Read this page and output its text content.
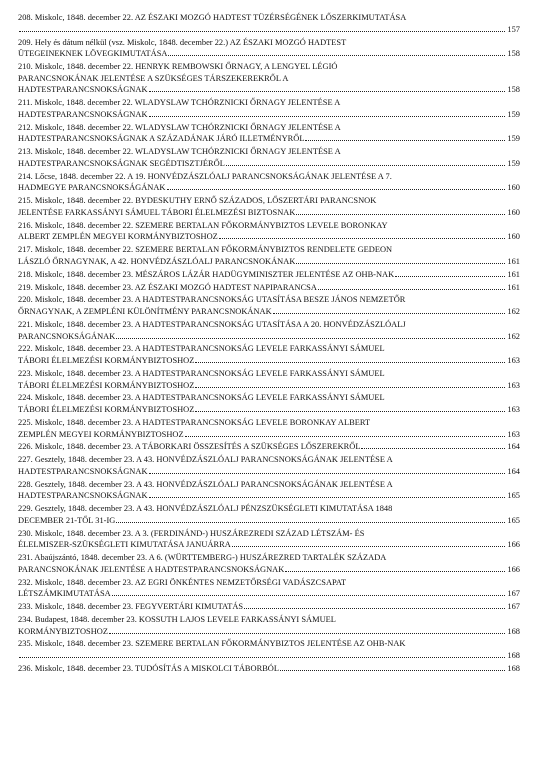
208. Miskolc, 1848. december 22. AZ ÉSZAKI MOZGÓ HADTEST TÜZÉRSÉGÉNEK LŐSZERKIMUTATÁSA
157
209. Hely és dátum nélkül (vsz. Miskolc, 1848. december 22.) AZ ÉSZAKI MOZGÓ HADTEST
ÜTEGEINEKNEK LÖVEGKIMUTATÁSA	158
210. Miskolc, 1848. december 22. HENRYK REMBOWSKI ŐRNAGY, A LENGYEL LÉGIÓ
PARANCSNOKÁNAK JELENTÉSE A SZÜKSÉGES TÁRSZEKEREKRŐL A
HADTESTPARANCSNOKSÁGNAK	158
211. Miskolc, 1848. december 22. WLADYSLAW TCHÓRZNICKI ŐRNAGY JELENTÉSE A
HADTESTPARANCSNOKSÁGNAK	159
212. Miskolc, 1848. december 22. WLADYSLAW TCHÓRZNICKI ŐRNAGY JELENTÉSE A
HADTESTPARANCSNOKSÁGNAK A SZÁZADÁNAK JÁRÓ ILLETMÉNYRŐL	159
213. Miskolc, 1848. december 22. WLADYSLAW TCHÓRZNICKI ŐRNAGY JELENTÉSE A
HADTESTPARANCSNOKSÁGNAK SEGÉDTISZTJÉRŐL	159
214. Lőcse, 1848. december 22. A 19. HONVÉDZÁSZLÓALJ PARANCSNOKSÁGÁNAK JELENTÉSE A 7.
HADMEGYE PARANCSNOKSÁGÁNAK	160
215. Miskolc, 1848. december 22. BYDESKUTHY ERNŐ SZÁZADOS, LŐSZERTÁRI PARANCSNOK
JELENTÉSE FARKASSÁNYI SÁMUEL TÁBORI ÉLELMEZÉSI BIZTOSNAK	160
216. Miskolc, 1848. december 22. SZEMERE BERTALAN FŐKORMÁNYBIZTOS LEVELE BORONKAY
ALBERT ZEMPLÉN MEGYEI KORMÁNYBIZTOSHOZ	160
217. Miskolc, 1848. december 22. SZEMERE BERTALAN FŐKORMÁNYBIZTOS RENDELETE GEDEON
LÁSZLÓ ŐRNAGYNAK, A 42. HONVÉDZÁSZLÓALJ PARANCSNOKÁNAK	161
218. Miskolc, 1848. december 23. MÉSZÁROS LÁZÁR HADÜGYMINISZTER JELENTÉSE AZ OHB-NAK	161
219. Miskolc, 1848. december 23. AZ ÉSZAKI MOZGÓ HADTEST NAPIPARANCSA	161
220. Miskolc, 1848. december 23. A HADTESTPARANCSNOKSÁG UTASÍTÁSA BESZE JÁNOS NEMZETŐR
ŐRNAGYNAK, A ZEMPLÉNI KÜLÖNÍTMÉNY PARANCSNOKÁNAK	162
221. Miskolc, 1848. december 23. A HADTESTPARANCSNOKSÁG UTASÍTÁSA A 20. HONVÉDZÁSZLÓALJ
PARANCSNOKSÁGÁNAK	162
222. Miskolc, 1848. december 23. A HADTESTPARANCSNOKSÁG LEVELE FARKASSÁNYI SÁMUEL
TÁBORI ÉLELMEZÉSI KORMÁNYBIZTOSHOZ	163
223. Miskolc, 1848. december 23. A HADTESTPARANCSNOKSÁG LEVELE FARKASSÁNYI SÁMUEL
TÁBORI ÉLELMEZÉSI KORMÁNYBIZTOSHOZ	163
224. Miskolc, 1848. december 23. A HADTESTPARANCSNOKSÁG LEVELE FARKASSÁNYI SÁMUEL
TÁBORI ÉLELMEZÉSI KORMÁNYBIZTOSHOZ	163
225. Miskolc, 1848. december 23. A HADTESTPARANCSNOKSÁG LEVELE BORONKAY ALBERT
ZEMPLÉN MEGYEI KORMÁNYBIZTOSHOZ	163
226. Miskolc, 1848. december 23. A TÁBORKARI ÖSSZESÍTÉS A SZÜKSÉGES LŐSZEREKRŐL	164
227. Gesztely, 1848. december 23. A 43. HONVÉDZÁSZLÓALJ PARANCSNOKSÁGÁNAK JELENTÉSE A
HADTESTPARANCSNOKSÁGNAK	164
228. Gesztely, 1848. december 23. A 43. HONVÉDZÁSZLÓALJ PARANCSNOKSÁGÁNAK JELENTÉSE A
HADTESTPARANCSNOKSÁGNAK	165
229. Gesztely, 1848. december 23. A 43. HONVÉDZÁSZLÓALJ PÉNZSZÜKSÉGLETI KIMUTATÁSA 1848
DECEMBER 21-TŐL 31-IG	165
230. Miskolc, 1848. december 23. A 3. (FERDINÁND-) HUSZÁREZREDI SZÁZAD LÉTSZÁM- ÉS
ÉLELMISZER-SZÜKSÉGLETI KIMUTATÁSA JANUÁRRA	166
231. Abaújszántó, 1848. december 23. A 6. (WÜRTTEMBERG-) HUSZÁREZRED TARTALÉK SZÁZADA
PARANCSNOKÁNAK JELENTÉSE A HADTESTPARANCSNOKSÁGNAK	166
232. Miskolc, 1848. december 23. AZ EGRI ÖNKÉNTES NEMZETŐRSÉGI VADÁSZCSAPAT
LÉTSZÁMKIMUTATÁSA	167
233. Miskolc, 1848. december 23. FEGYVERTÁRI KIMUTATÁS	167
234. Budapest, 1848. december 23. KOSSUTH LAJOS LEVELE FARKASSÁNYI SÁMUEL
KORMÁNYBIZTOSHOZ	168
235. Miskolc, 1848. december 23. SZEMERE BERTALAN FŐKORMÁNYBIZTOS JELENTÉSE AZ OHB-NAK
168
236. Miskolc, 1848. december 23. TUDÓSÍTÁS A MISKOLCI TÁBORBÓL	168
